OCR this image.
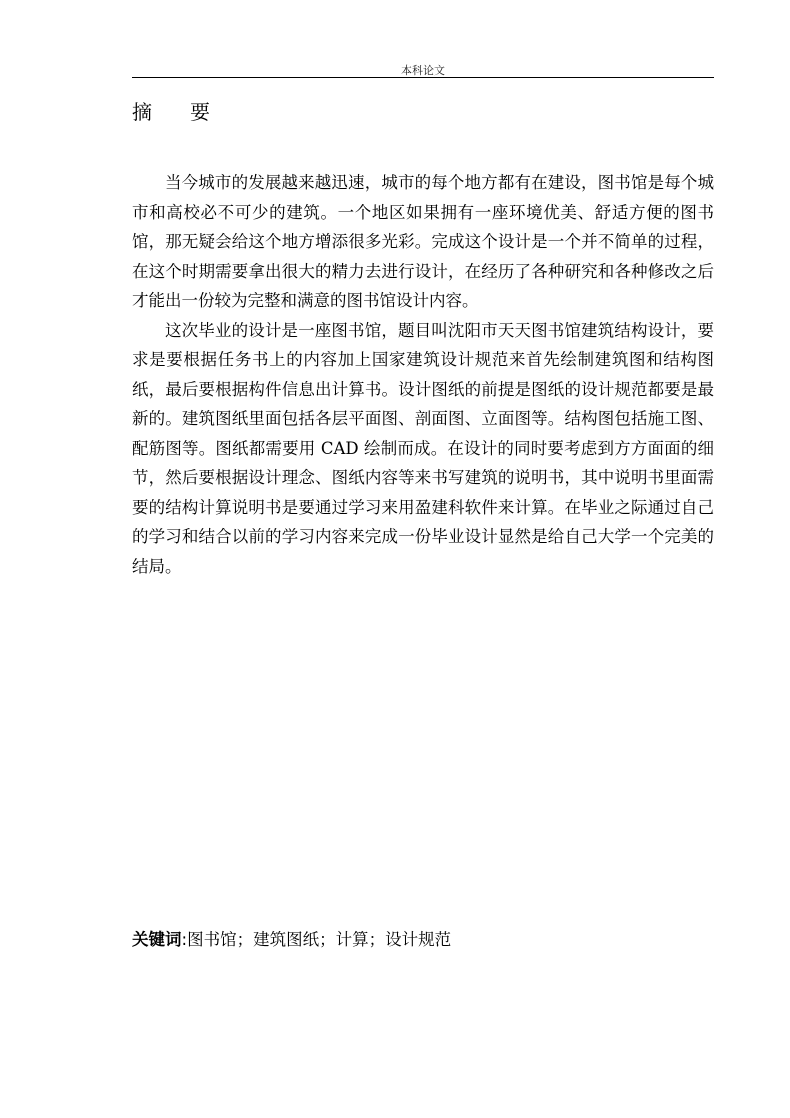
本科论文
摘 要

当今城市的发展越来越迅速，城市的每个地方都有在建设，图书馆是每个城市和高校必不可少的建筑。一个地区如果拥有一座环境优美、舒适方便的图书馆，那无疑会给这个地方增添很多光彩。完成这个设计是一个并不简单的过程，在这个时期需要拿出很大的精力去进行设计，在经历了各种研究和各种修改之后才能出一份较为完整和满意的图书馆设计内容。

这次毕业的设计是一座图书馆，题目叫沈阳市天天图书馆建筑结构设计，要求是要根据任务书上的内容加上国家建筑设计规范来首先绘制建筑图和结构图纸，最后要根据构件信息出计算书。设计图纸的前提是图纸的设计规范都要是最新的。建筑图纸里面包括各层平面图、剖面图、立面图等。结构图包括施工图、配筋图等。图纸都需要用 CAD 绘制而成。在设计的同时要考虑到方方面面的细节，然后要根据设计理念、图纸内容等来书写建筑的说明书，其中说明书里面需要的结构计算说明书是要通过学习来用盈建科软件来计算。在毕业之际通过自己的学习和结合以前的学习内容来完成一份毕业设计显然是给自己大学一个完美的结局。

关键词:图书馆；建筑图纸；计算；设计规范
